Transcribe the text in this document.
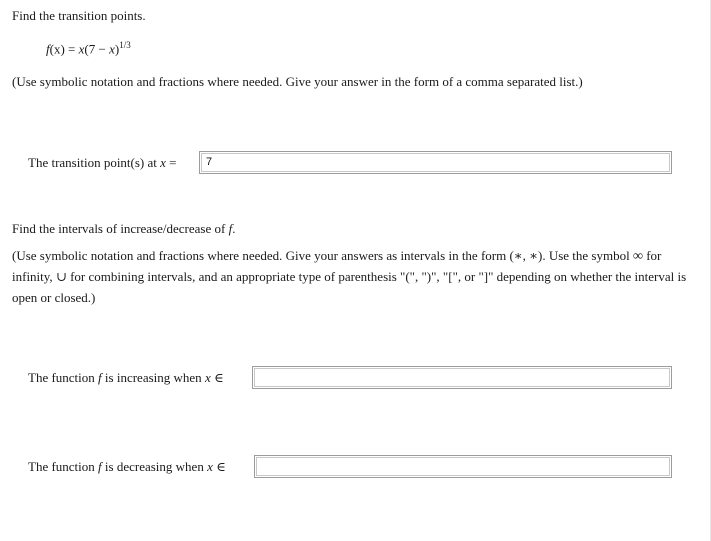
Find the transition points.
$f(x) = x(7 - x)^{1/3}$
(Use symbolic notation and fractions where needed. Give your answer in the form of a comma separated list.)
The transition point(s) at x =	7
Find the intervals of increase/decrease of f.
(Use symbolic notation and fractions where needed. Give your answers as intervals in the form (∗, ∗). Use the symbol ∞ for
infinity, ∪ for combining intervals, and an appropriate type of parenthesis "(", ")", "[", or "]" depending on whether the interval is
open or closed.)
The function f is increasing when x ∈
The function f is decreasing when x ∈
